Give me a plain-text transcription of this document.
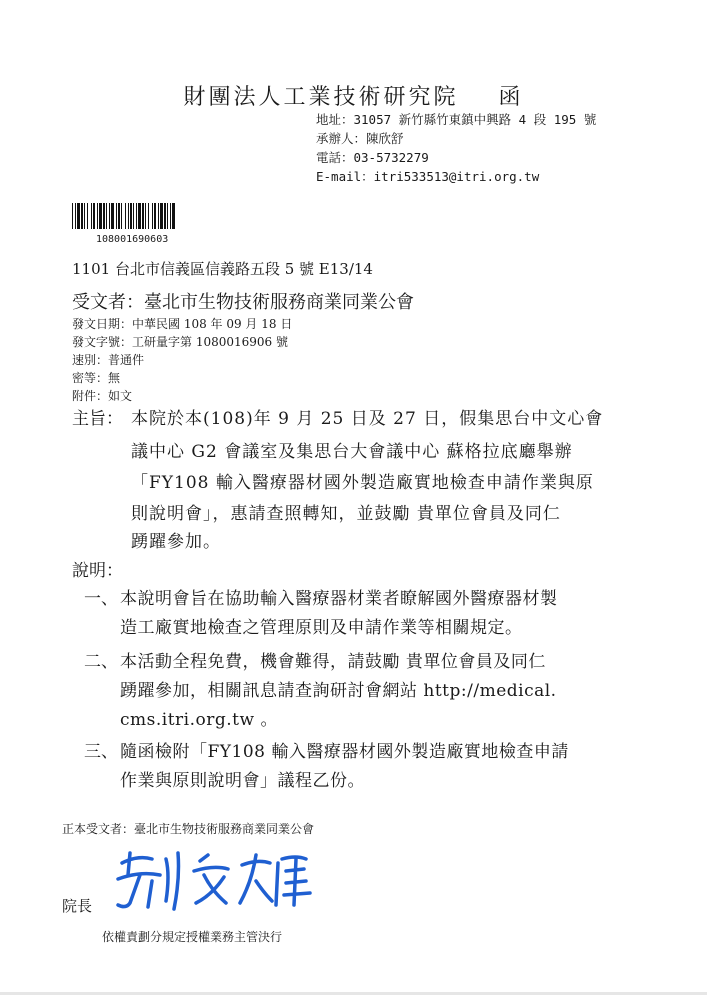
財團法人工業技術研究院 函
地址：31057 新竹縣竹東鎮中興路 4 段 195 號
承辦人：陳欣舒
電話：03-5732279
E-mail：itri533513@itri.org.tw
108001690603
1101 台北市信義區信義路五段 5 號 E13/14
受文者：臺北市生物技術服務商業同業公會
發文日期：中華民國 108 年 09 月 18 日
發文字號：工研量字第 1080016906 號
速別：普通件
密等：無
附件：如文
主旨： 本院於本(108)年 9 月 25 日及 27 日，假集思台中文心會
議中心 G2 會議室及集思台大會議中心 蘇格拉底廳舉辦
「FY108 輸入醫療器材國外製造廠實地檢查申請作業與原
則說明會」，惠請查照轉知，並鼓勵 貴單位會員及同仁
踴躍參加。
說明：
一、 本說明會旨在協助輸入醫療器材業者瞭解國外醫療器材製
造工廠實地檢查之管理原則及申請作業等相關規定。
二、 本活動全程免費，機會難得，請鼓勵 貴單位會員及同仁
踴躍參加，相關訊息請查詢研討會網站 http://medical.
cms.itri.org.tw 。
三、 隨函檢附「FY108 輸入醫療器材國外製造廠實地檢查申請
作業與原則說明會」議程乙份。
正本受文者：臺北市生物技術服務商業同業公會
院長
依權責劃分規定授權業務主管決行
